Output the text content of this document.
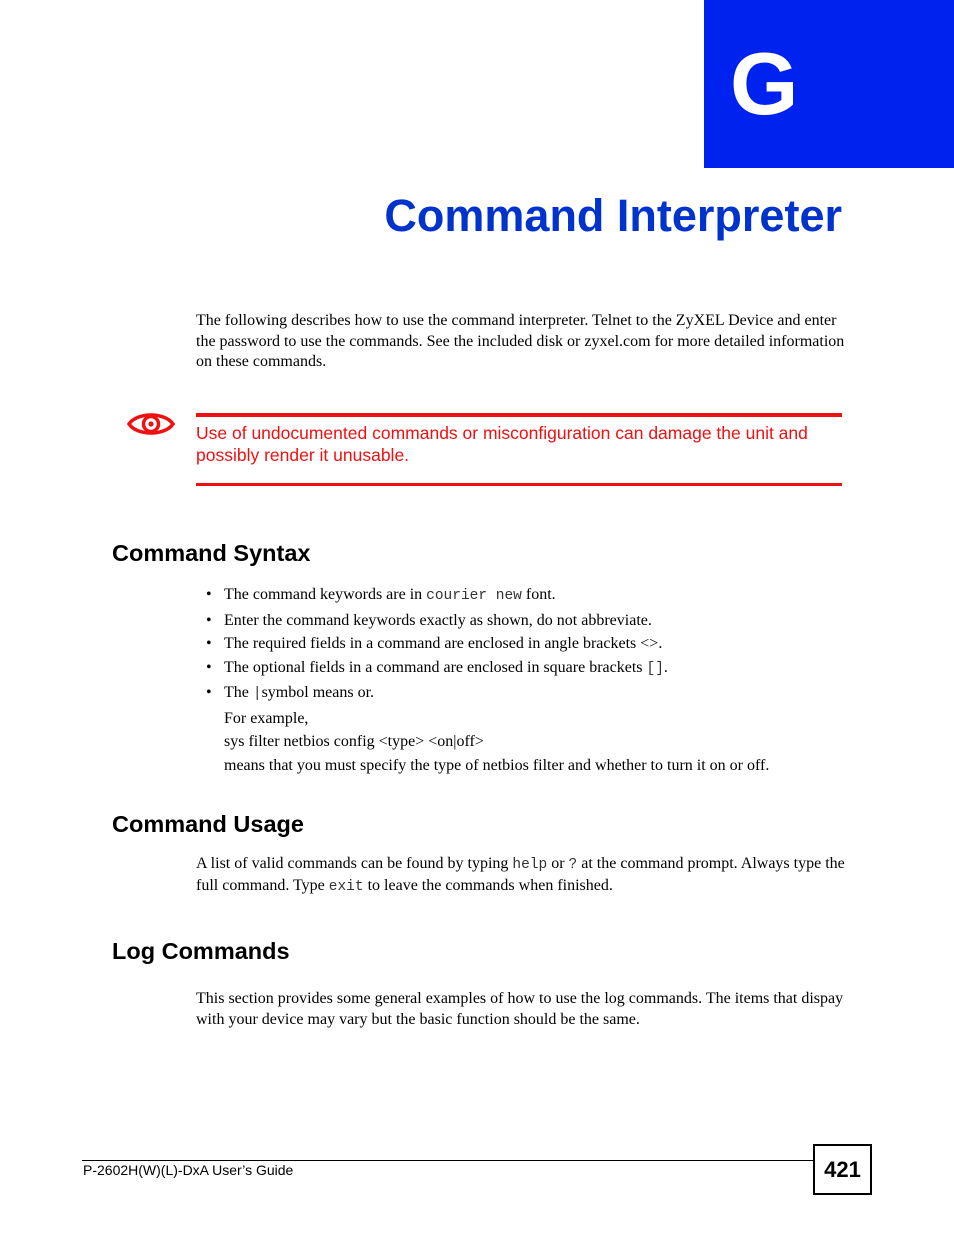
G
Command Interpreter

The following describes how to use the command interpreter. Telnet to the ZyXEL Device and enter the password to use the commands. See the included disk or zyxel.com for more detailed information on these commands.

Use of undocumented commands or misconfiguration can damage the unit and possibly render it unusable.

Command Syntax
• The command keywords are in courier new font.
• Enter the command keywords exactly as shown, do not abbreviate.
• The required fields in a command are enclosed in angle brackets <>.
• The optional fields in a command are enclosed in square brackets [].
• The |symbol means or.
For example,
sys filter netbios config <type> <on|off>
means that you must specify the type of netbios filter and whether to turn it on or off.
Command Usage

A list of valid commands can be found by typing help or ? at the command prompt. Always type the full command. Type exit to leave the commands when finished.

Log Commands

This section provides some general examples of how to use the log commands. The items that dispay with your device may vary but the basic function should be the same.

P-2602H(W)(L)-DxA User’s Guide	421
